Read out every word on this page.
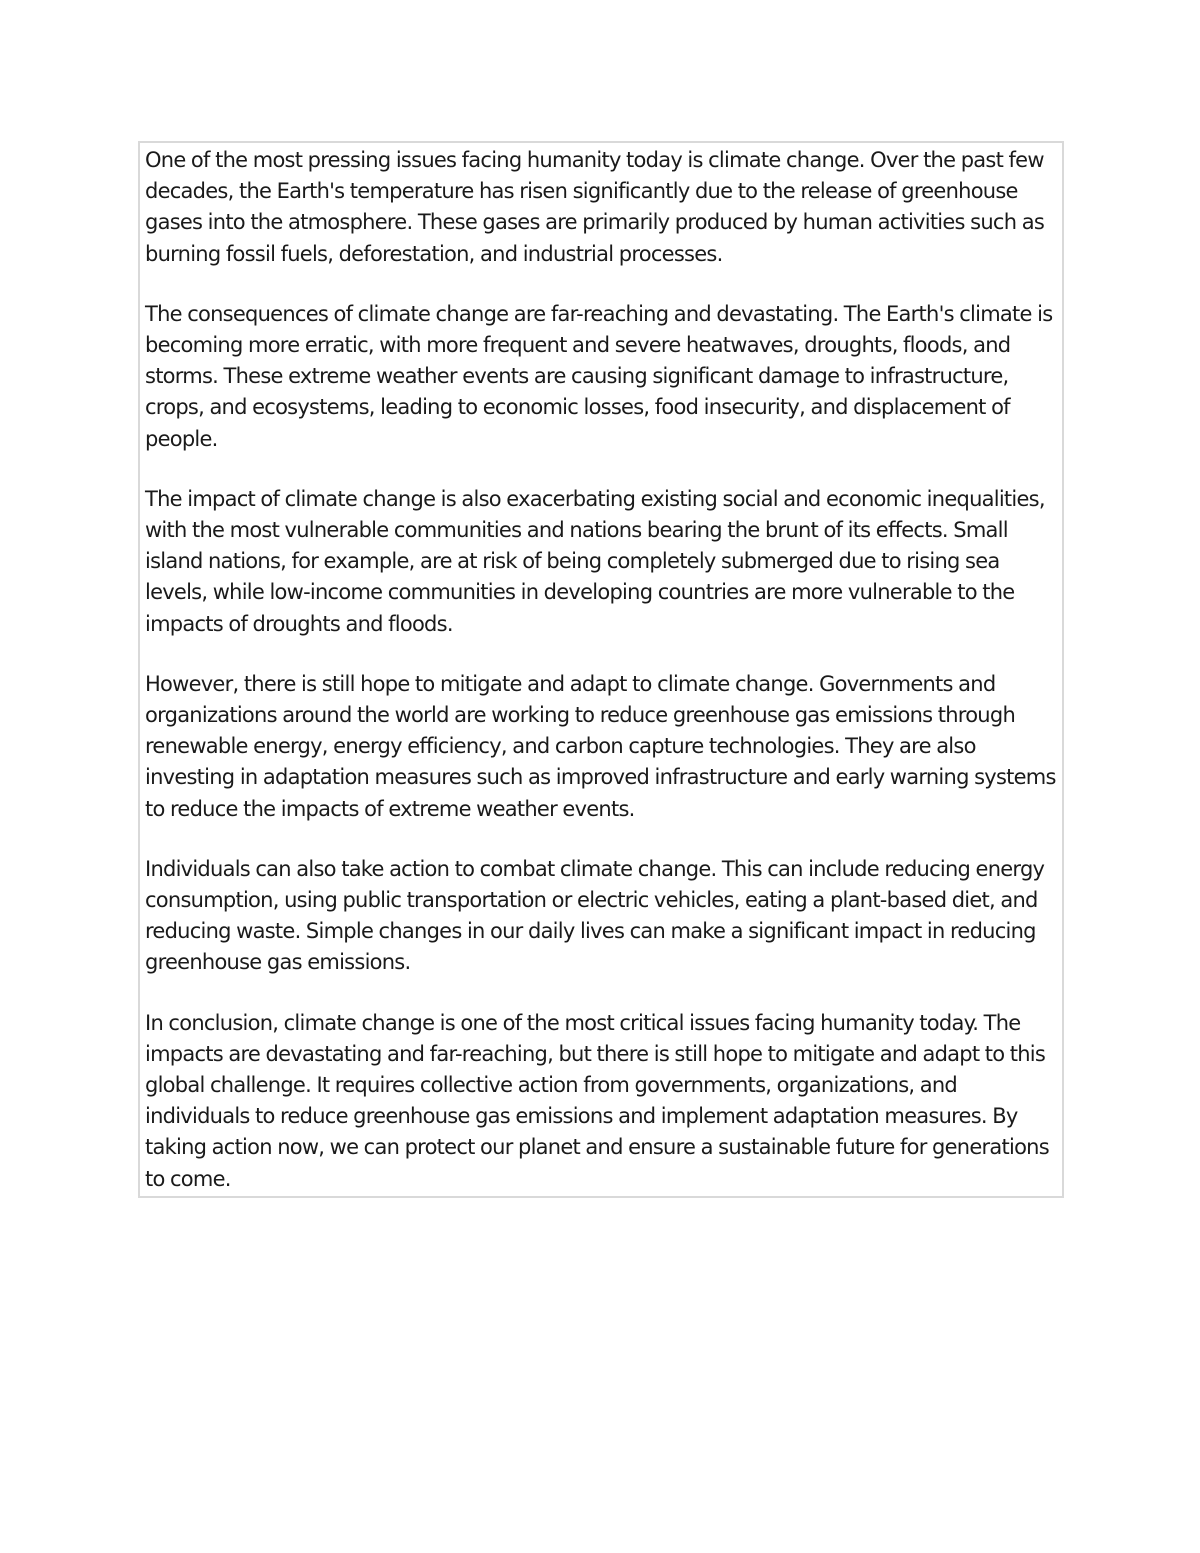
One of the most pressing issues facing humanity today is climate change. Over the past few decades, the Earth's temperature has risen significantly due to the release of greenhouse gases into the atmosphere. These gases are primarily produced by human activities such as burning fossil fuels, deforestation, and industrial processes.

The consequences of climate change are far-reaching and devastating. The Earth's climate is becoming more erratic, with more frequent and severe heatwaves, droughts, floods, and storms. These extreme weather events are causing significant damage to infrastructure, crops, and ecosystems, leading to economic losses, food insecurity, and displacement of people.

The impact of climate change is also exacerbating existing social and economic inequalities, with the most vulnerable communities and nations bearing the brunt of its effects. Small island nations, for example, are at risk of being completely submerged due to rising sea levels, while low-income communities in developing countries are more vulnerable to the impacts of droughts and floods.

However, there is still hope to mitigate and adapt to climate change. Governments and organizations around the world are working to reduce greenhouse gas emissions through renewable energy, energy efficiency, and carbon capture technologies. They are also investing in adaptation measures such as improved infrastructure and early warning systems to reduce the impacts of extreme weather events.

Individuals can also take action to combat climate change. This can include reducing energy consumption, using public transportation or electric vehicles, eating a plant-based diet, and reducing waste. Simple changes in our daily lives can make a significant impact in reducing greenhouse gas emissions.

In conclusion, climate change is one of the most critical issues facing humanity today. The impacts are devastating and far-reaching, but there is still hope to mitigate and adapt to this global challenge. It requires collective action from governments, organizations, and individuals to reduce greenhouse gas emissions and implement adaptation measures. By taking action now, we can protect our planet and ensure a sustainable future for generations to come.
